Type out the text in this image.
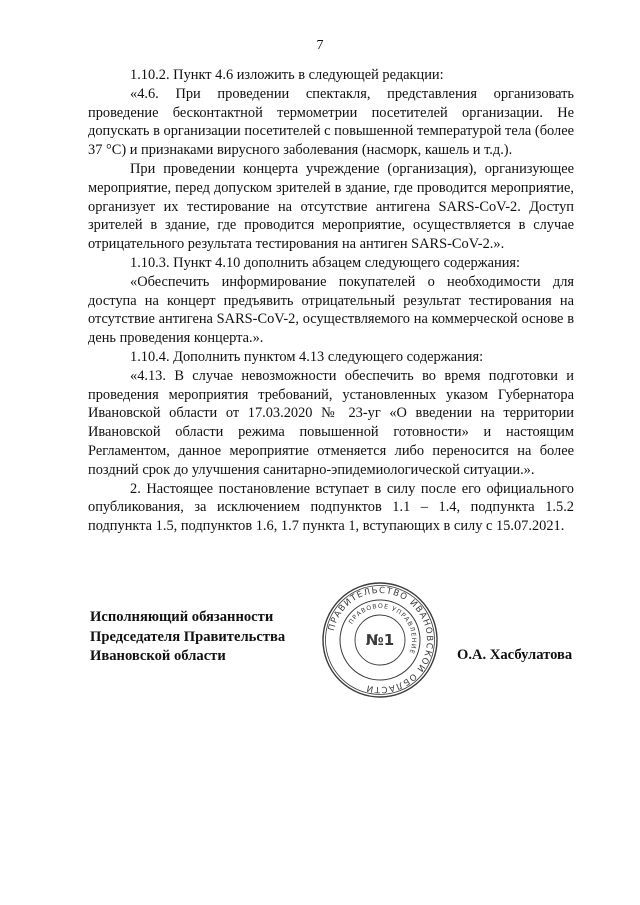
7

1.10.2. Пункт 4.6 изложить в следующей редакции:

«4.6. При проведении спектакля, представления организовать проведение бесконтактной термометрии посетителей организации. Не допускать в организации посетителей с повышенной температурой тела (более 37 °С) и признаками вирусного заболевания (насморк, кашель и т.д.).

При проведении концерта учреждение (организация), организующее мероприятие, перед допуском зрителей в здание, где проводится мероприятие, организует их тестирование на отсутствие антигена SARS-CoV-2. Доступ зрителей в здание, где проводится мероприятие, осуществляется в случае отрицательного результата тестирования на антиген SARS-CoV-2.».

1.10.3. Пункт 4.10 дополнить абзацем следующего содержания:

«Обеспечить информирование покупателей о необходимости для доступа на концерт предъявить отрицательный результат тестирования на отсутствие антигена SARS-CoV-2, осуществляемого на коммерческой основе в день проведения концерта.».

1.10.4. Дополнить пунктом 4.13 следующего содержания:

«4.13. В случае невозможности обеспечить во время подготовки и проведения мероприятия требований, установленных указом Губернатора Ивановской области от 17.03.2020 № 23-уг «О введении на территории Ивановской области режима повышенной готовности» и настоящим Регламентом, данное мероприятие отменяется либо переносится на более поздний срок до улучшения санитарно-эпидемиологической ситуации.».

2. Настоящее постановление вступает в силу после его официального опубликования, за исключением подпунктов 1.1 – 1.4, подпункта 1.5.2 подпункта 1.5, подпунктов 1.6, 1.7 пункта 1, вступающих в силу с 15.07.2021.

Исполняющий обязанности
Председателя Правительства
Ивановской области
ПРАВИТЕЛЬСТВО ИВАНОВСКОЙ ОБЛАСТИ
ПРАВОВОЕ УПРАВЛЕНИЕ
№1
О.А. Хасбулатова
